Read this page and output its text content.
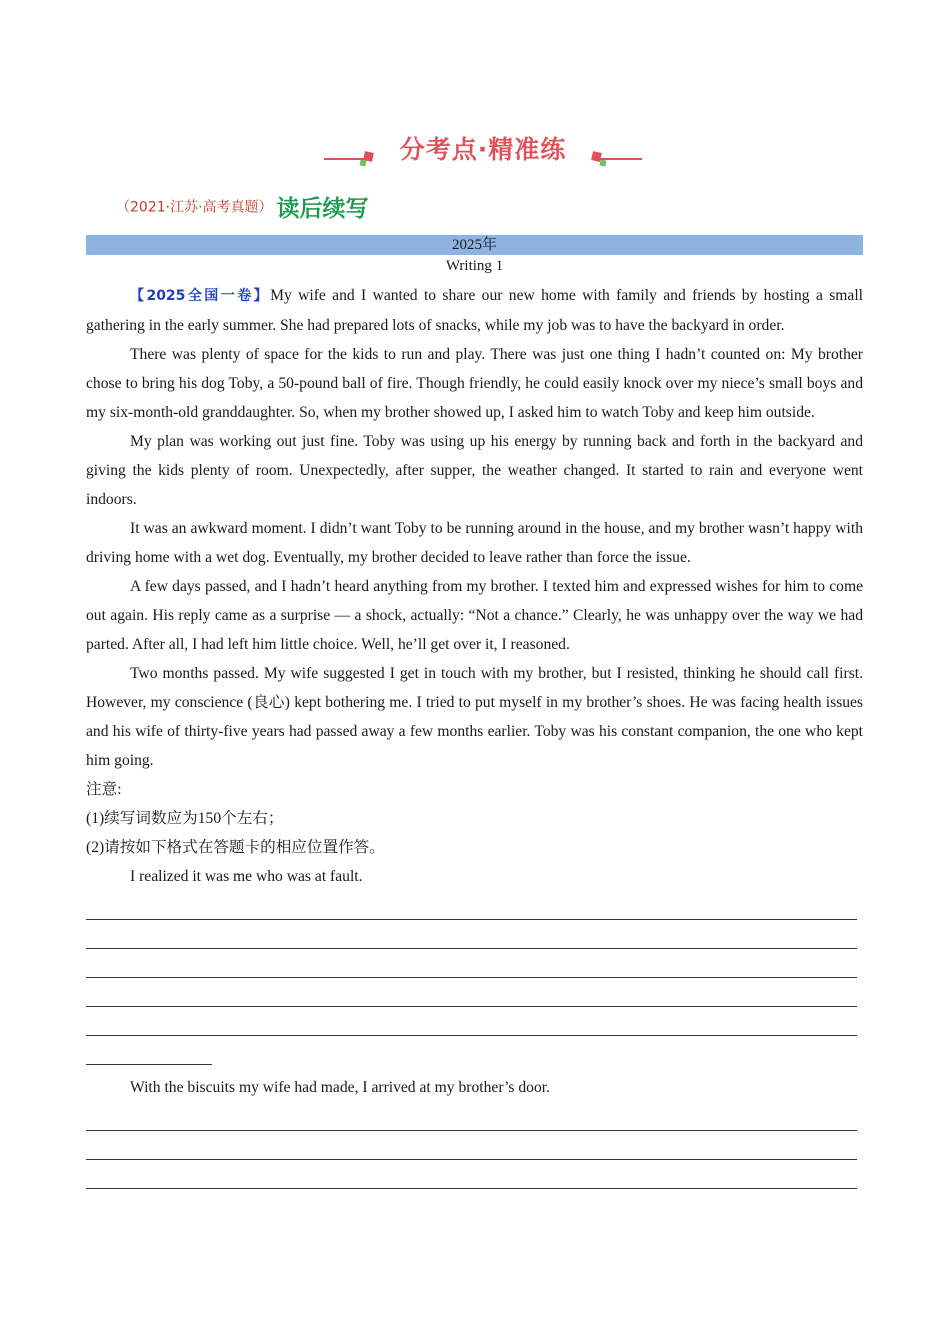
分考点·精准练
（2021·江苏·高考真题） 读后续写
2025年
Writing 1

【2025全国一卷】My wife and I wanted to share our new home with family and friends by hosting a small gathering in the early summer. She had prepared lots of snacks, while my job was to have the backyard in order.

There was plenty of space for the kids to run and play. There was just one thing I hadn’t counted on: My brother chose to bring his dog Toby, a 50-pound ball of fire. Though friendly, he could easily knock over my niece’s small boys and my six-month-old granddaughter. So, when my brother showed up, I asked him to watch Toby and keep him outside.

My plan was working out just fine. Toby was using up his energy by running back and forth in the backyard and giving the kids plenty of room. Unexpectedly, after supper, the weather changed. It started to rain and everyone went indoors.

It was an awkward moment. I didn’t want Toby to be running around in the house, and my brother wasn’t happy with driving home with a wet dog. Eventually, my brother decided to leave rather than force the issue.

A few days passed, and I hadn’t heard anything from my brother. I texted him and expressed wishes for him to come out again. His reply came as a surprise — a shock, actually: “Not a chance.” Clearly, he was unhappy over the way we had parted. After all, I had left him little choice. Well, he’ll get over it, I reasoned.

Two months passed. My wife suggested I get in touch with my brother, but I resisted, thinking he should call first. However, my conscience (良心) kept bothering me. I tried to put myself in my brother’s shoes. He was facing health issues and his wife of thirty-five years had passed away a few months earlier. Toby was his constant companion, the one who kept him going.

注意:

(1)续写词数应为150个左右；

(2)请按如下格式在答题卡的相应位置作答。

I realized it was me who was at fault.

With the biscuits my wife had made, I arrived at my brother’s door.
